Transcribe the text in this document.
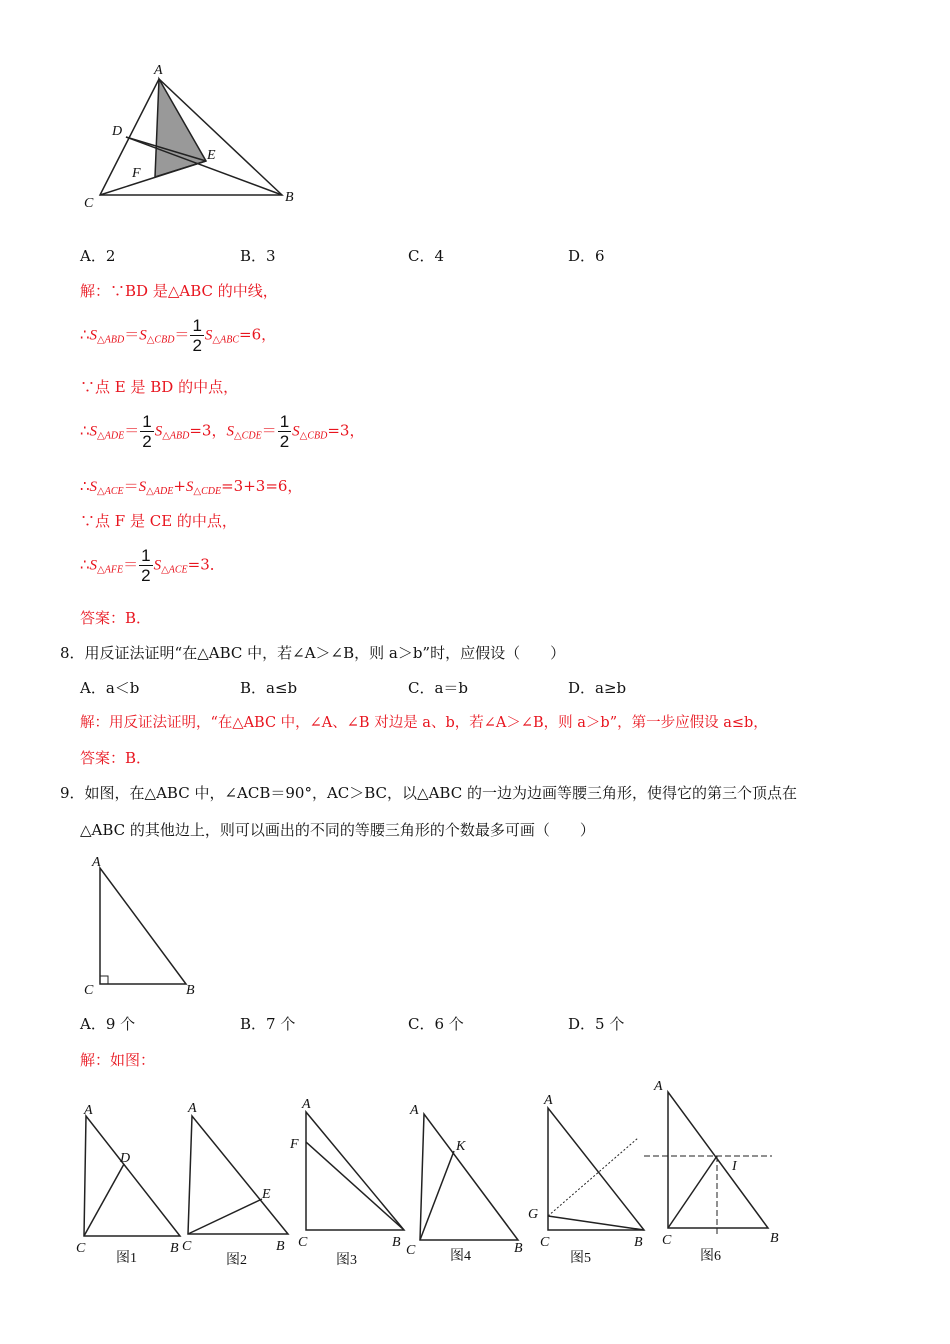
A
D
E
F
C	B
A．2	B．3	C．4	D．6
解：∵BD 是△ABC 的中线，
$\therefore S_{\triangle ABD}=S_{\triangle CBD}= \frac{1}{2} S_{\triangle ABC}=6$，
∵点 E 是 BD 的中点，
$\therefore S_{\triangle ADE}= \frac{1}{2} S_{\triangle ABD}=3$，$S_{\triangle CDE}= \frac{1}{2} S_{\triangle CBD}=3$，
$\therefore S_{\triangle ACE}=S_{\triangle ADE}+S_{\triangle CDE}=3+3=6$，
∵点 F 是 CE 的中点，
$\therefore S_{\triangle AFE}= \frac{1}{2} S_{\triangle ACE}=3$．
答案：B．
8．用反证法证明“在△ABC 中，若∠A＞∠B，则 a＞b”时，应假设（　　）
A．a＜b	B．a≤b	C．a＝b	D．a≥b
解：用反证法证明，“在△ABC 中，∠A、∠B 对边是 a、b，若∠A＞∠B，则 a＞b”，第一步应假设 a≤b，
答案：B．
9．如图，在△ABC 中，∠ACB＝90°，AC＞BC，以△ABC 的一边为边画等腰三角形，使得它的第三个顶点在
△ABC 的其他边上，则可以画出的不同的等腰三角形的个数最多可画（　　）
A
C	B
A．9 个	B．7 个	C．6 个	D．5 个
解：如图：
A
D
C	B
图1
A
E
C	B
图2
A
F
C	B
图3
A
K
C	B
图4
A
G
C	B
图5
A
I
C	B
图6
